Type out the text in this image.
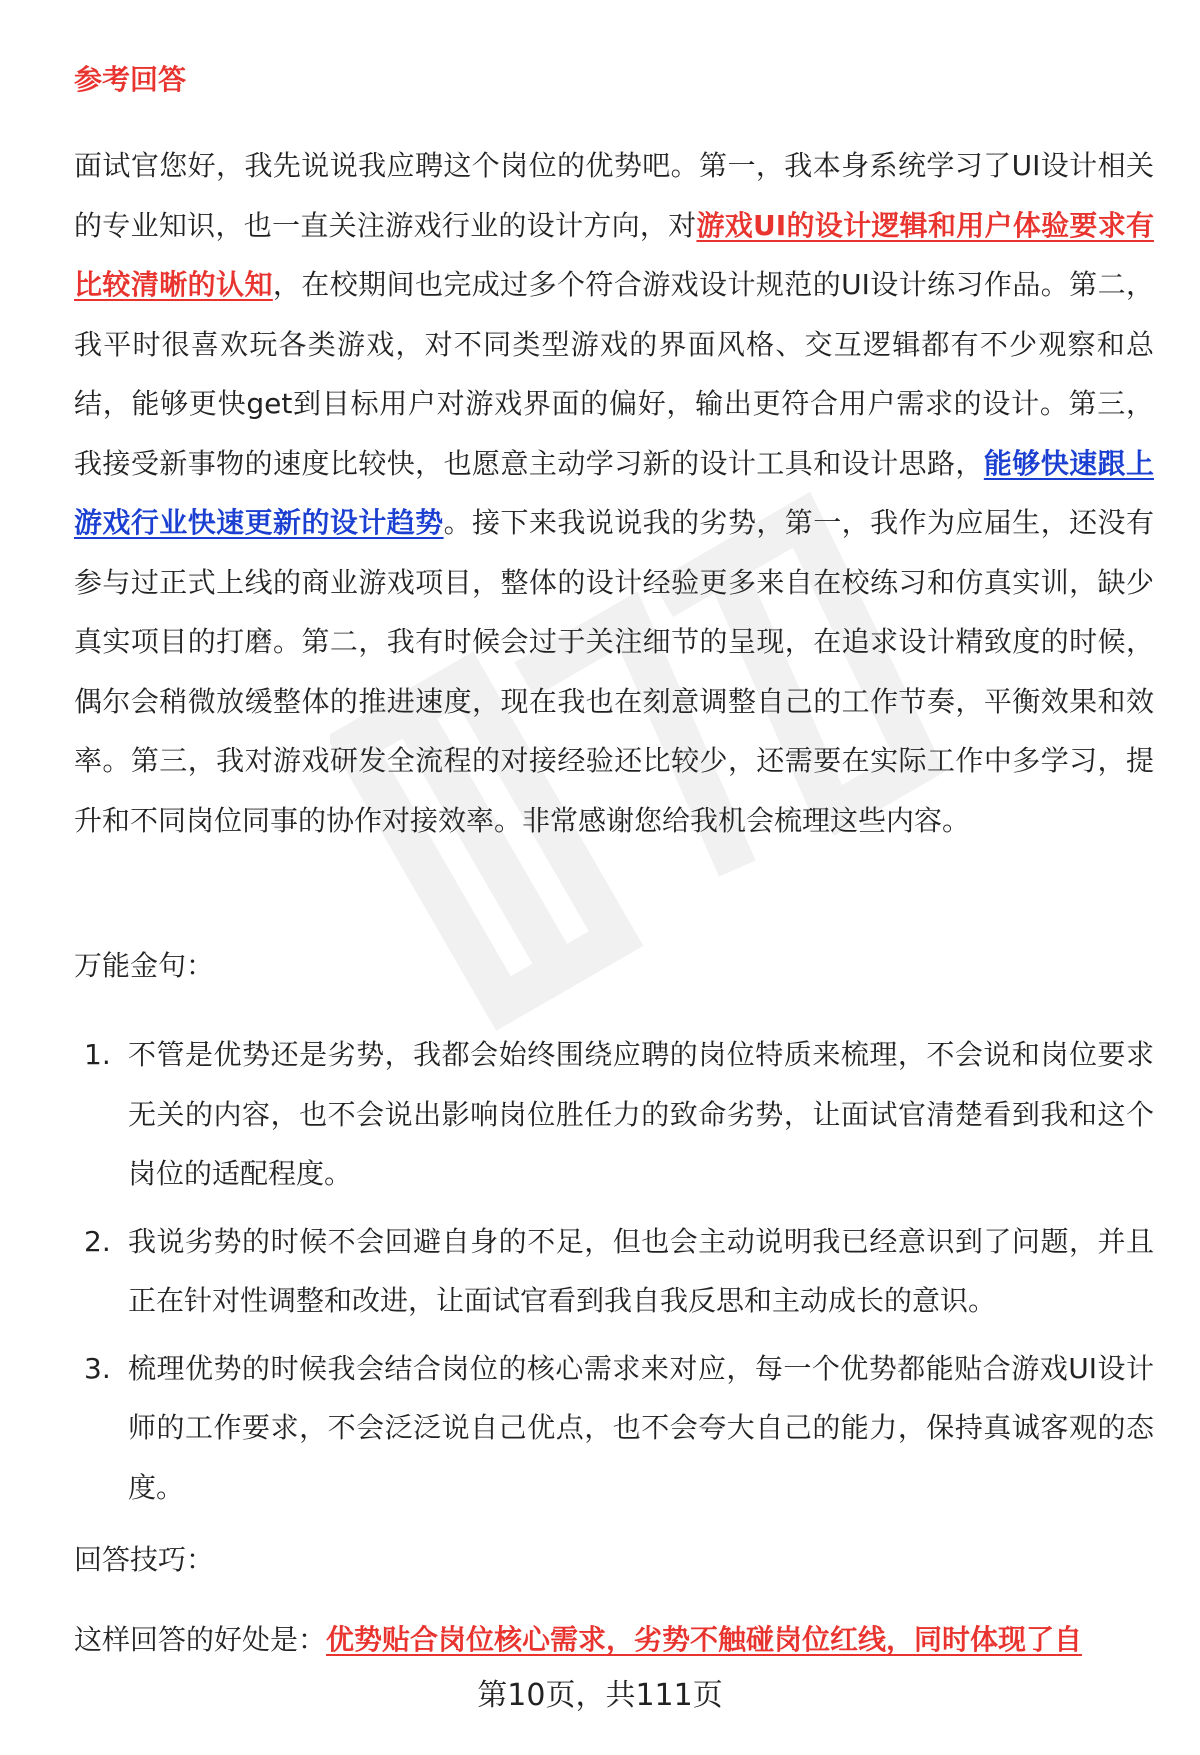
参考回答

面试官您好，我先说说我应聘这个岗位的优势吧。第一，我本身系统学习了UI设计相关的专业知识，也一直关注游戏行业的设计方向，对游戏UI的设计逻辑和用户体验要求有比较清晰的认知，在校期间也完成过多个符合游戏设计规范的UI设计练习作品。第二，我平时很喜欢玩各类游戏，对不同类型游戏的界面风格、交互逻辑都有不少观察和总结，能够更快get到目标用户对游戏界面的偏好，输出更符合用户需求的设计。第三，我接受新事物的速度比较快，也愿意主动学习新的设计工具和设计思路，能够快速跟上游戏行业快速更新的设计趋势。接下来我说说我的劣势，第一，我作为应届生，还没有参与过正式上线的商业游戏项目，整体的设计经验更多来自在校练习和仿真实训，缺少真实项目的打磨。第二，我有时候会过于关注细节的呈现，在追求设计精致度的时候，偶尔会稍微放缓整体的推进速度，现在我也在刻意调整自己的工作节奏，平衡效果和效率。第三，我对游戏研发全流程的对接经验还比较少，还需要在实际工作中多学习，提升和不同岗位同事的协作对接效率。非常感谢您给我机会梳理这些内容。

万能金句：

1. 不管是优势还是劣势，我都会始终围绕应聘的岗位特质来梳理，不会说和岗位要求无关的内容，也不会说出影响岗位胜任力的致命劣势，让面试官清楚看到我和这个岗位的适配程度。
2. 我说劣势的时候不会回避自身的不足，但也会主动说明我已经意识到了问题，并且正在针对性调整和改进，让面试官看到我自我反思和主动成长的意识。
3. 梳理优势的时候我会结合岗位的核心需求来对应，每一个优势都能贴合游戏UI设计师的工作要求，不会泛泛说自己优点，也不会夸大自己的能力，保持真诚客观的态度。

回答技巧：

这样回答的好处是：优势贴合岗位核心需求，劣势不触碰岗位红线，同时体现了自

第10页，共111页
